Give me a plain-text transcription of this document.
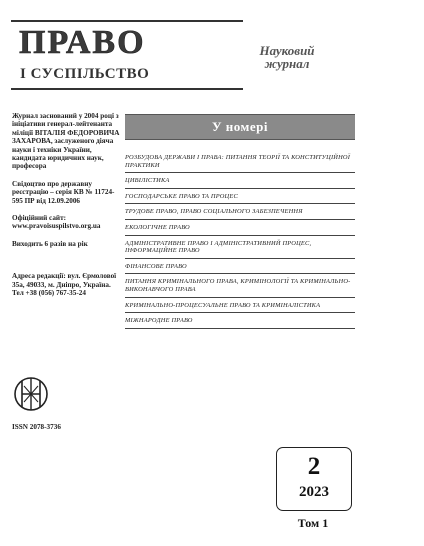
ПРАВО
І СУСПІЛЬСТВО
Науковий
журнал

Журнал заснований у 2004 році з ініціативи генерал-лейтенанта міліції ВІТАЛІЯ ФЕДОРОВИЧА ЗАХАРОВА, заслуженого діяча науки і техніки України, кандидата юридичних наук, професора

Свідоцтво про державну реєстрацію – серія КВ № 11724-595 ПР від 12.09.2006

Офіційний сайт: www.pravoisuspilstvo.org.ua

Виходить 6 разів на рік

Адреса редакції: вул. Єрмолової 35а, 49033, м. Дніпро, Україна. Тел +38 (056) 767-35-24

ISSN 2078-3736
У номері
РОЗБУДОВА ДЕРЖАВИ І ПРАВА: ПИТАННЯ ТЕОРІЇ ТА КОНСТИТУЦІЙНОЇ ПРАКТИКИ
ЦИВІЛІСТИКА
ГОСПОДАРСЬКЕ ПРАВО ТА ПРОЦЕС
ТРУДОВЕ ПРАВО, ПРАВО СОЦІАЛЬНОГО ЗАБЕЗПЕЧЕННЯ
ЕКОЛОГІЧНЕ ПРАВО
АДМІНІСТРАТИВНЕ ПРАВО І АДМІНІСТРАТИВНИЙ ПРОЦЕС, ІНФОРМАЦІЙНЕ ПРАВО
ФІНАНСОВЕ ПРАВО
ПИТАННЯ КРИМІНАЛЬНОГО ПРАВА, КРИМІНОЛОГІЇ ТА КРИМІНАЛЬНО-ВИКОНАВЧОГО ПРАВА
КРИМІНАЛЬНО-ПРОЦЕСУАЛЬНЕ ПРАВО ТА КРИМІНАЛІСТИКА
МІЖНАРОДНЕ ПРАВО
2
2023
Том 1
